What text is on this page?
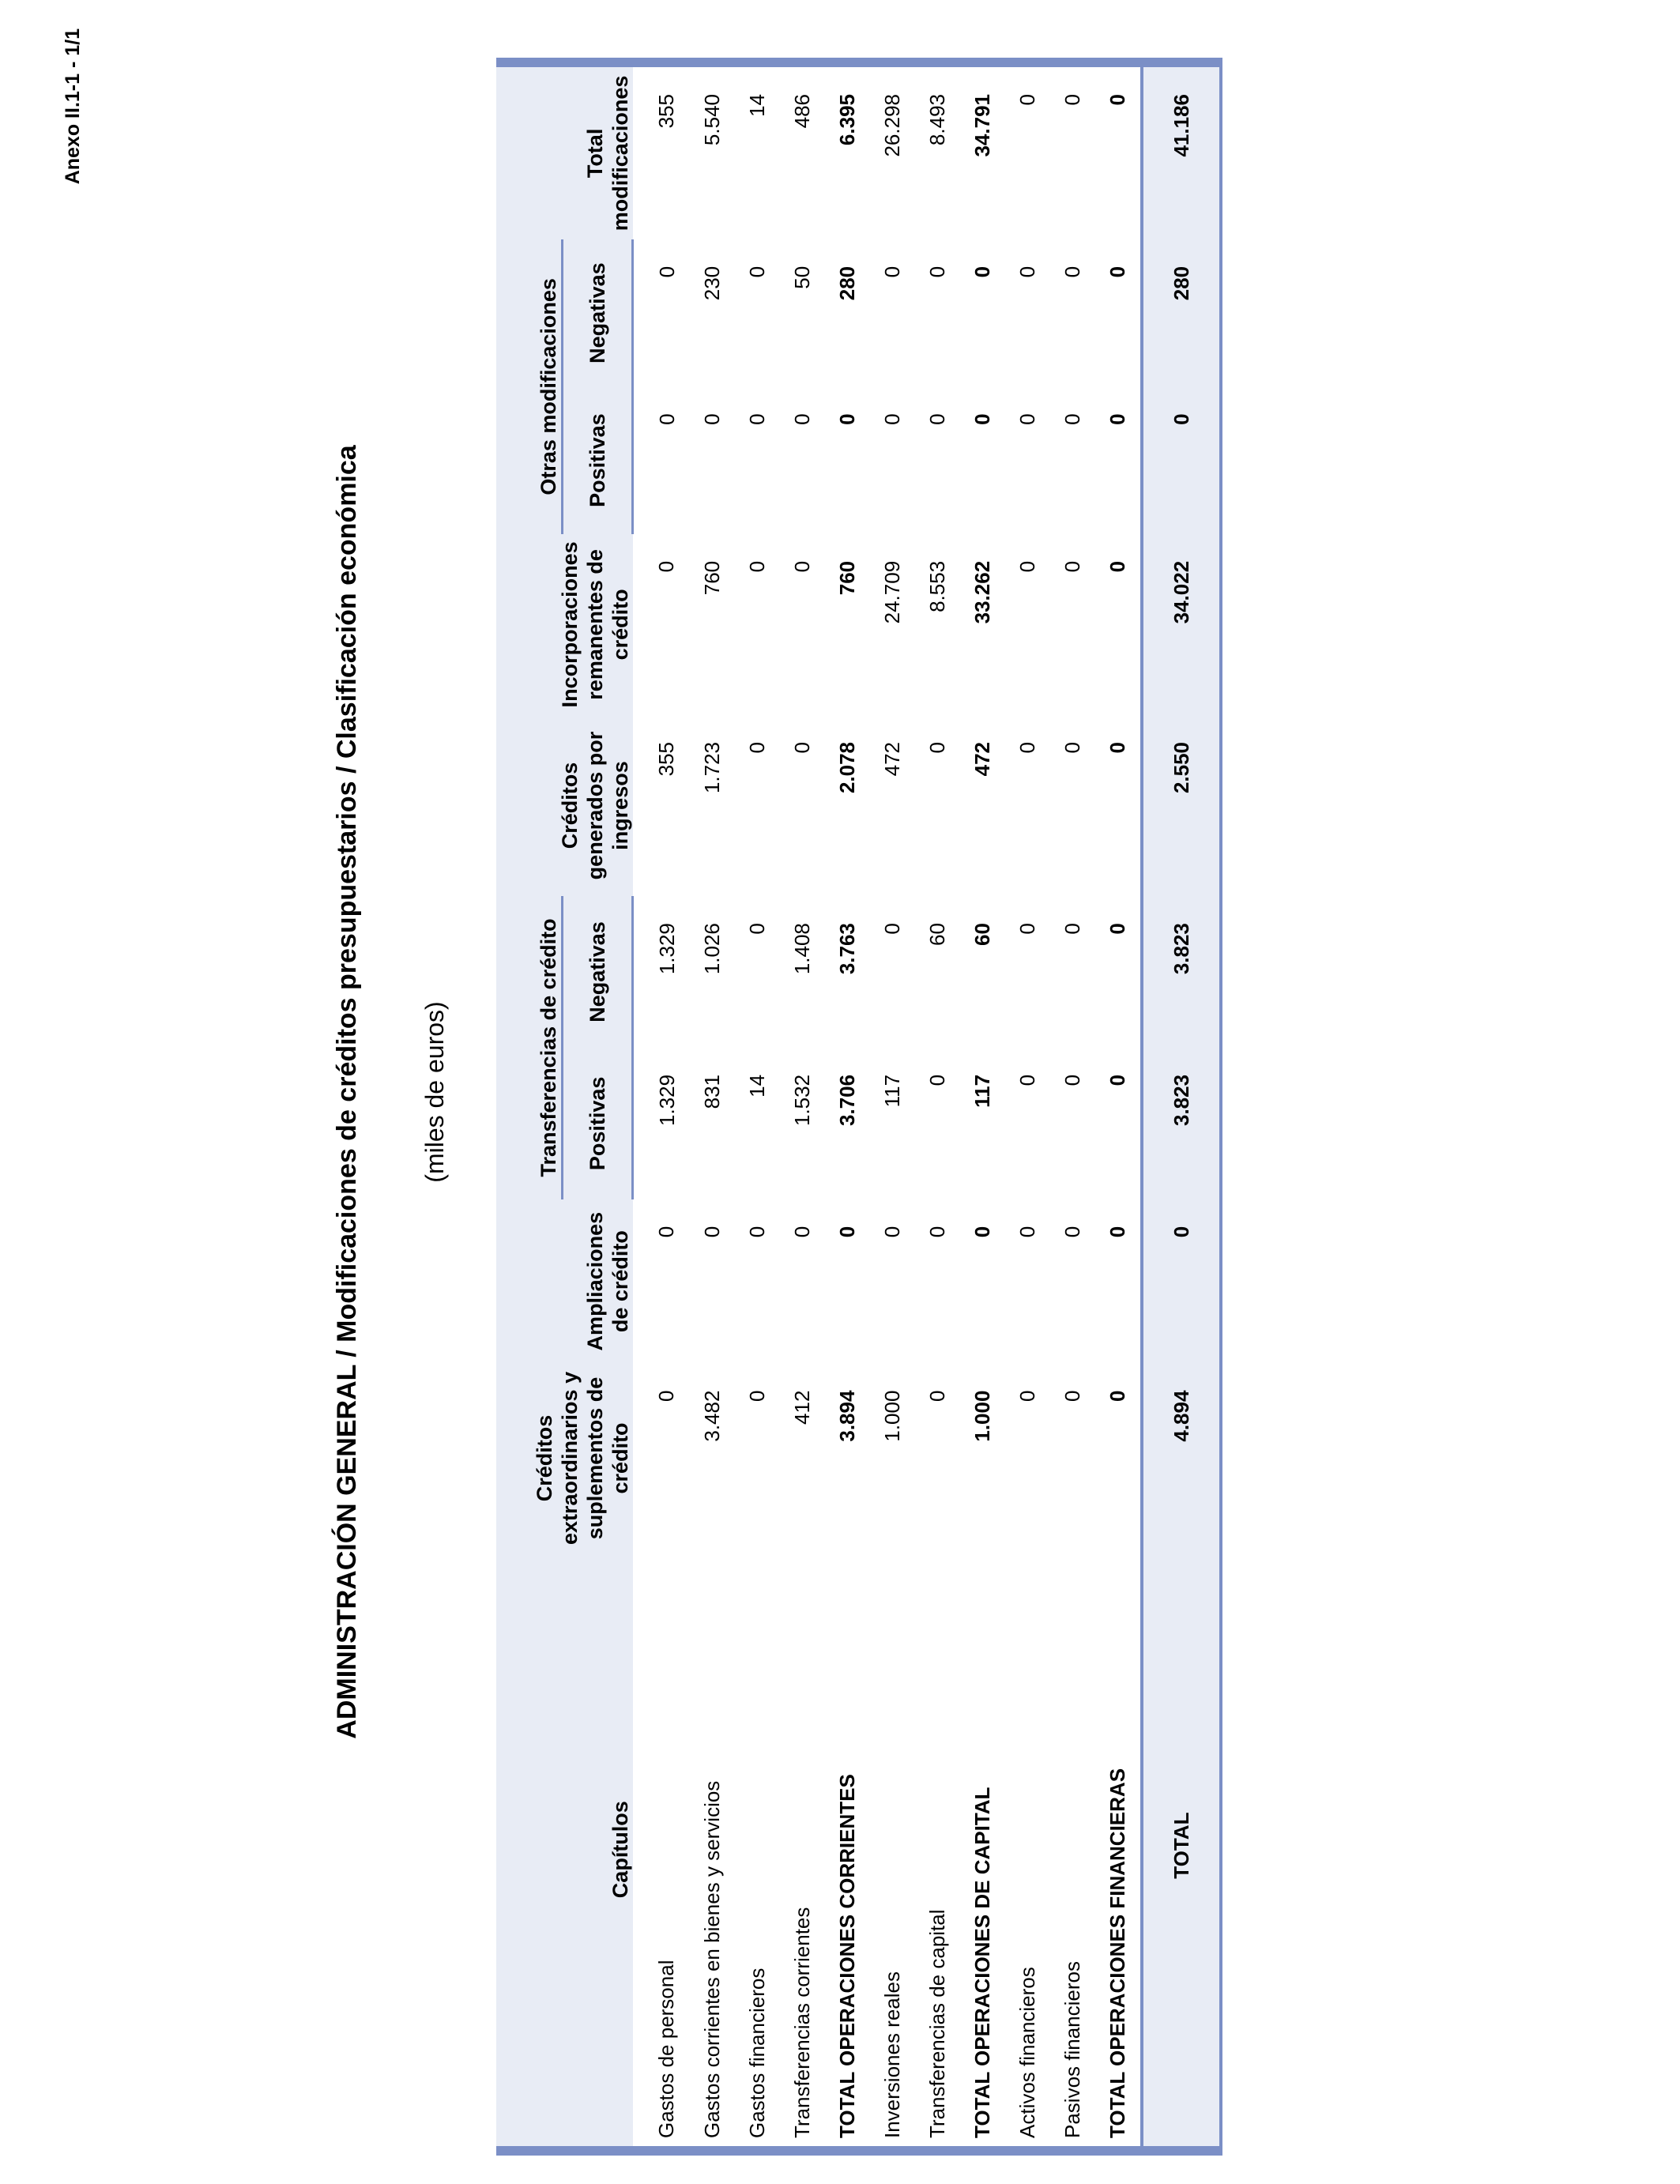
Anexo II.1-1 - 1/1
ADMINISTRACIÓN GENERAL / Modificaciones de créditos presupuestarios / Clasificación económica (miles de euros)
Capítulos	Créditos extraordinarios y suplementos de crédito	Ampliaciones de crédito	Transferencias de crédito		Créditos generados por ingresos	Incorporaciones remanentes de crédito	Otras modificaciones		Total modificaciones
			Positivas	Negativas			Positivas	Negativas	
Gastos de personal	0	0	1.329	1.329	355	0	0	0	355
Gastos corrientes en bienes y servicios	3.482	0	831	1.026	1.723	760	0	230	5.540
Gastos financieros	0	0	14	0	0	0	0	0	14
Transferencias corrientes	412	0	1.532	1.408	0	0	0	50	486
TOTAL OPERACIONES CORRIENTES	3.894	0	3.706	3.763	2.078	760	0	280	6.395
Inversiones reales	1.000	0	117	0	472	24.709	0	0	26.298
Transferencias de capital	0	0	0	60	0	8.553	0	0	8.493
TOTAL OPERACIONES DE CAPITAL	1.000	0	117	60	472	33.262	0	0	34.791
Activos financieros	0	0	0	0	0	0	0	0	0
Pasivos financieros	0	0	0	0	0	0	0	0	0
TOTAL OPERACIONES FINANCIERAS	0	0	0	0	0	0	0	0	0
TOTAL	4.894	0	3.823	3.823	2.550	34.022	0	280	41.186
